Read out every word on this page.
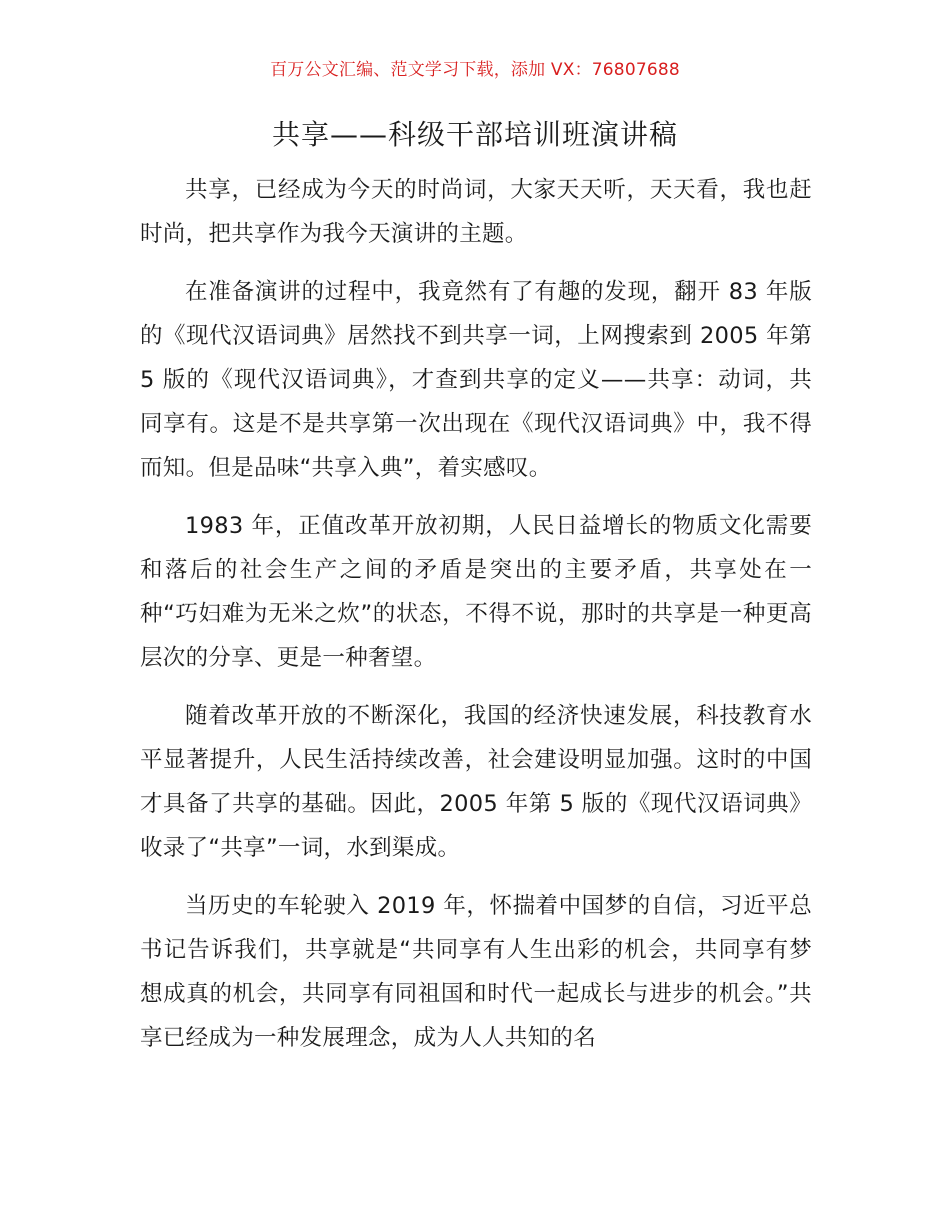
百万公文汇编、范文学习下载，添加 VX：76807688
共享——科级干部培训班演讲稿

共享，已经成为今天的时尚词，大家天天听，天天看，我也赶时尚，把共享作为我今天演讲的主题。

在准备演讲的过程中，我竟然有了有趣的发现，翻开 83 年版的《现代汉语词典》居然找不到共享一词，上网搜索到 2005 年第 5 版的《现代汉语词典》，才查到共享的定义——共享：动词，共同享有。这是不是共享第一次出现在《现代汉语词典》中，我不得而知。但是品味“共享入典”，着实感叹。

1983 年，正值改革开放初期，人民日益增长的物质文化需要和落后的社会生产之间的矛盾是突出的主要矛盾，共享处在一种“巧妇难为无米之炊”的状态，不得不说，那时的共享是一种更高层次的分享、更是一种奢望。

随着改革开放的不断深化，我国的经济快速发展，科技教育水平显著提升，人民生活持续改善，社会建设明显加强。这时的中国才具备了共享的基础。因此，2005 年第 5 版的《现代汉语词典》收录了“共享”一词，水到渠成。

当历史的车轮驶入 2019 年，怀揣着中国梦的自信，习近平总书记告诉我们，共享就是“共同享有人生出彩的机会，共同享有梦想成真的机会，共同享有同祖国和时代一起成长与进步的机会。”共享已经成为一种发展理念，成为人人共知的名
